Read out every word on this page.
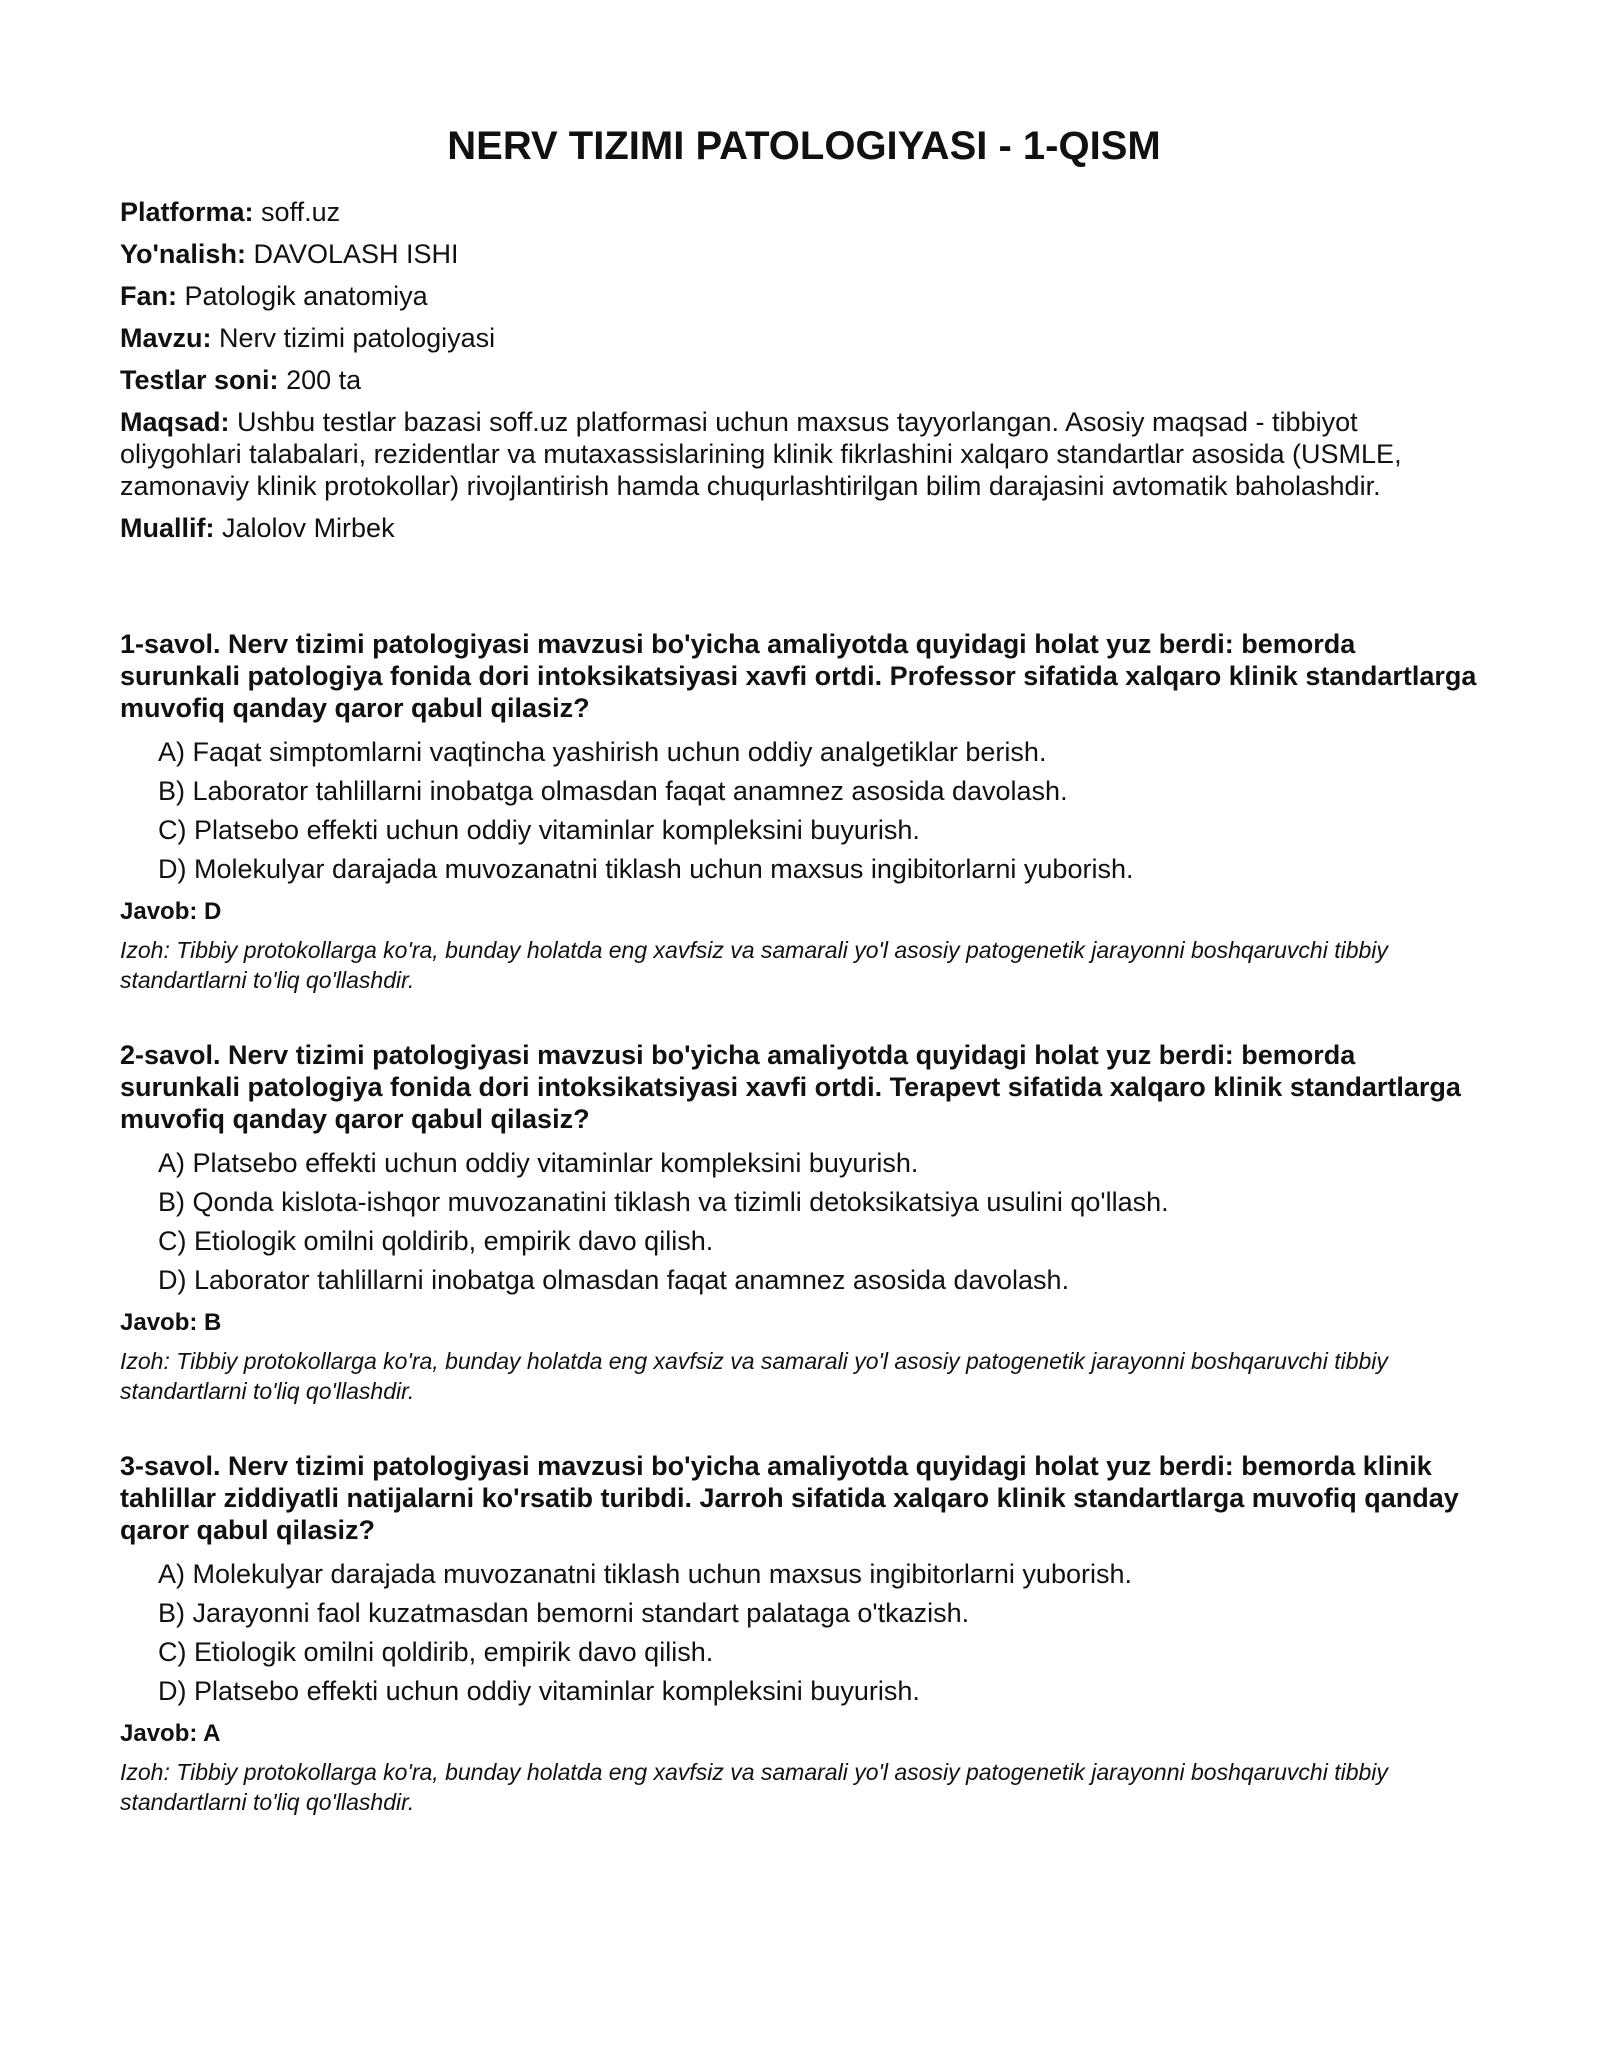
NERV TIZIMI PATOLOGIYASI - 1-QISM
Platforma: soff.uz
Yo'nalish: DAVOLASH ISHI
Fan: Patologik anatomiya
Mavzu: Nerv tizimi patologiyasi
Testlar soni: 200 ta
Maqsad: Ushbu testlar bazasi soff.uz platformasi uchun maxsus tayyorlangan. Asosiy maqsad - tibbiyot oliygohlari talabalari, rezidentlar va mutaxassislarining klinik fikrlashini xalqaro standartlar asosida (USMLE, zamonaviy klinik protokollar) rivojlantirish hamda chuqurlashtirilgan bilim darajasini avtomatik baholashdir.
Muallif: Jalolov Mirbek

1-savol. Nerv tizimi patologiyasi mavzusi bo'yicha amaliyotda quyidagi holat yuz berdi: bemorda surunkali patologiya fonida dori intoksikatsiyasi xavfi ortdi. Professor sifatida xalqaro klinik standartlarga muvofiq qanday qaror qabul qilasiz?

A) Faqat simptomlarni vaqtincha yashirish uchun oddiy analgetiklar berish.
B) Laborator tahlillarni inobatga olmasdan faqat anamnez asosida davolash.
C) Platsebo effekti uchun oddiy vitaminlar kompleksini buyurish.
D) Molekulyar darajada muvozanatni tiklash uchun maxsus ingibitorlarni yuborish.

Javob: D

Izoh: Tibbiy protokollarga ko'ra, bunday holatda eng xavfsiz va samarali yo'l asosiy patogenetik jarayonni boshqaruvchi tibbiy standartlarni to'liq qo'llashdir.

2-savol. Nerv tizimi patologiyasi mavzusi bo'yicha amaliyotda quyidagi holat yuz berdi: bemorda surunkali patologiya fonida dori intoksikatsiyasi xavfi ortdi. Terapevt sifatida xalqaro klinik standartlarga muvofiq qanday qaror qabul qilasiz?

A) Platsebo effekti uchun oddiy vitaminlar kompleksini buyurish.
B) Qonda kislota-ishqor muvozanatini tiklash va tizimli detoksikatsiya usulini qo'llash.
C) Etiologik omilni qoldirib, empirik davo qilish.
D) Laborator tahlillarni inobatga olmasdan faqat anamnez asosida davolash.

Javob: B

Izoh: Tibbiy protokollarga ko'ra, bunday holatda eng xavfsiz va samarali yo'l asosiy patogenetik jarayonni boshqaruvchi tibbiy standartlarni to'liq qo'llashdir.

3-savol. Nerv tizimi patologiyasi mavzusi bo'yicha amaliyotda quyidagi holat yuz berdi: bemorda klinik tahlillar ziddiyatli natijalarni ko'rsatib turibdi. Jarroh sifatida xalqaro klinik standartlarga muvofiq qanday qaror qabul qilasiz?

A) Molekulyar darajada muvozanatni tiklash uchun maxsus ingibitorlarni yuborish.
B) Jarayonni faol kuzatmasdan bemorni standart palataga o'tkazish.
C) Etiologik omilni qoldirib, empirik davo qilish.
D) Platsebo effekti uchun oddiy vitaminlar kompleksini buyurish.

Javob: A

Izoh: Tibbiy protokollarga ko'ra, bunday holatda eng xavfsiz va samarali yo'l asosiy patogenetik jarayonni boshqaruvchi tibbiy standartlarni to'liq qo'llashdir.
